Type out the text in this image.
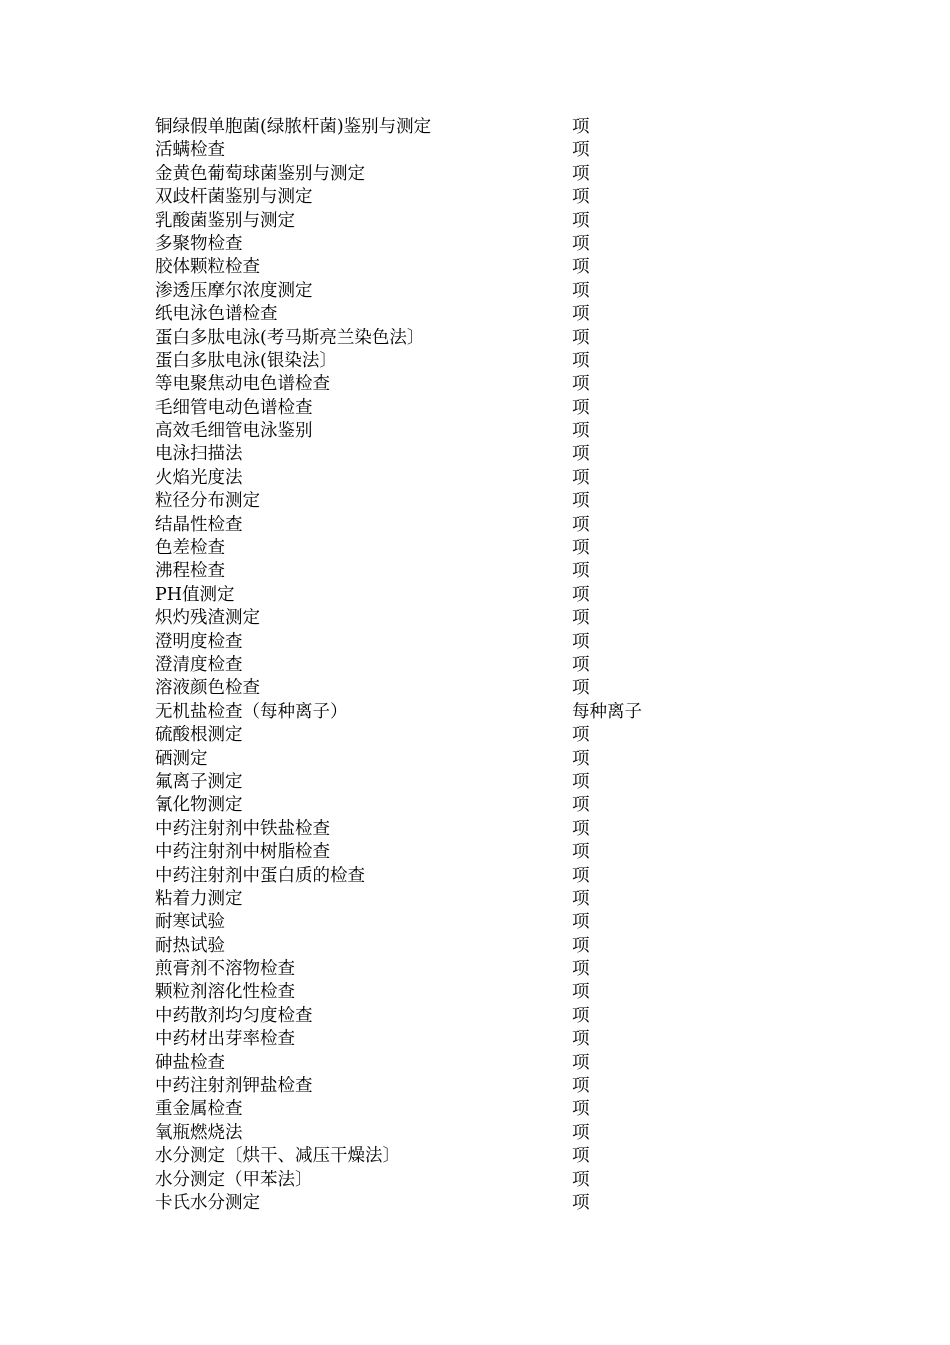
铜绿假单胞菌(绿脓杆菌)鉴别与测定	项
活螨检查	项
金黄色葡萄球菌鉴别与测定	项
双歧杆菌鉴别与测定	项
乳酸菌鉴别与测定	项
多聚物检查	项
胶体颗粒检查	项
渗透压摩尔浓度测定	项
纸电泳色谱检查	项
蛋白多肽电泳(考马斯亮兰染色法〕	项
蛋白多肽电泳(银染法〕	项
等电聚焦动电色谱检查	项
毛细管电动色谱检查	项
高效毛细管电泳鉴别	项
电泳扫描法	项
火焰光度法	项
粒径分布测定	项
结晶性检查	项
色差检查	项
沸程检查	项
PH值测定	项
炽灼残渣测定	项
澄明度检查	项
澄清度检查	项
溶液颜色检查	项
无机盐检查（每种离子）	每种离子
硫酸根测定	项
硒测定	项
氟离子测定	项
氰化物测定	项
中药注射剂中铁盐检查	项
中药注射剂中树脂检查	项
中药注射剂中蛋白质的检查	项
粘着力测定	项
耐寒试验	项
耐热试验	项
煎膏剂不溶物检查	项
颗粒剂溶化性检查	项
中药散剂均匀度检查	项
中药材出芽率检查	项
砷盐检查	项
中药注射剂钾盐检查	项
重金属检查	项
氧瓶燃烧法	项
水分测定〔烘干、减压干燥法〕	项
水分测定（甲苯法〕	项
卡氏水分测定	项
